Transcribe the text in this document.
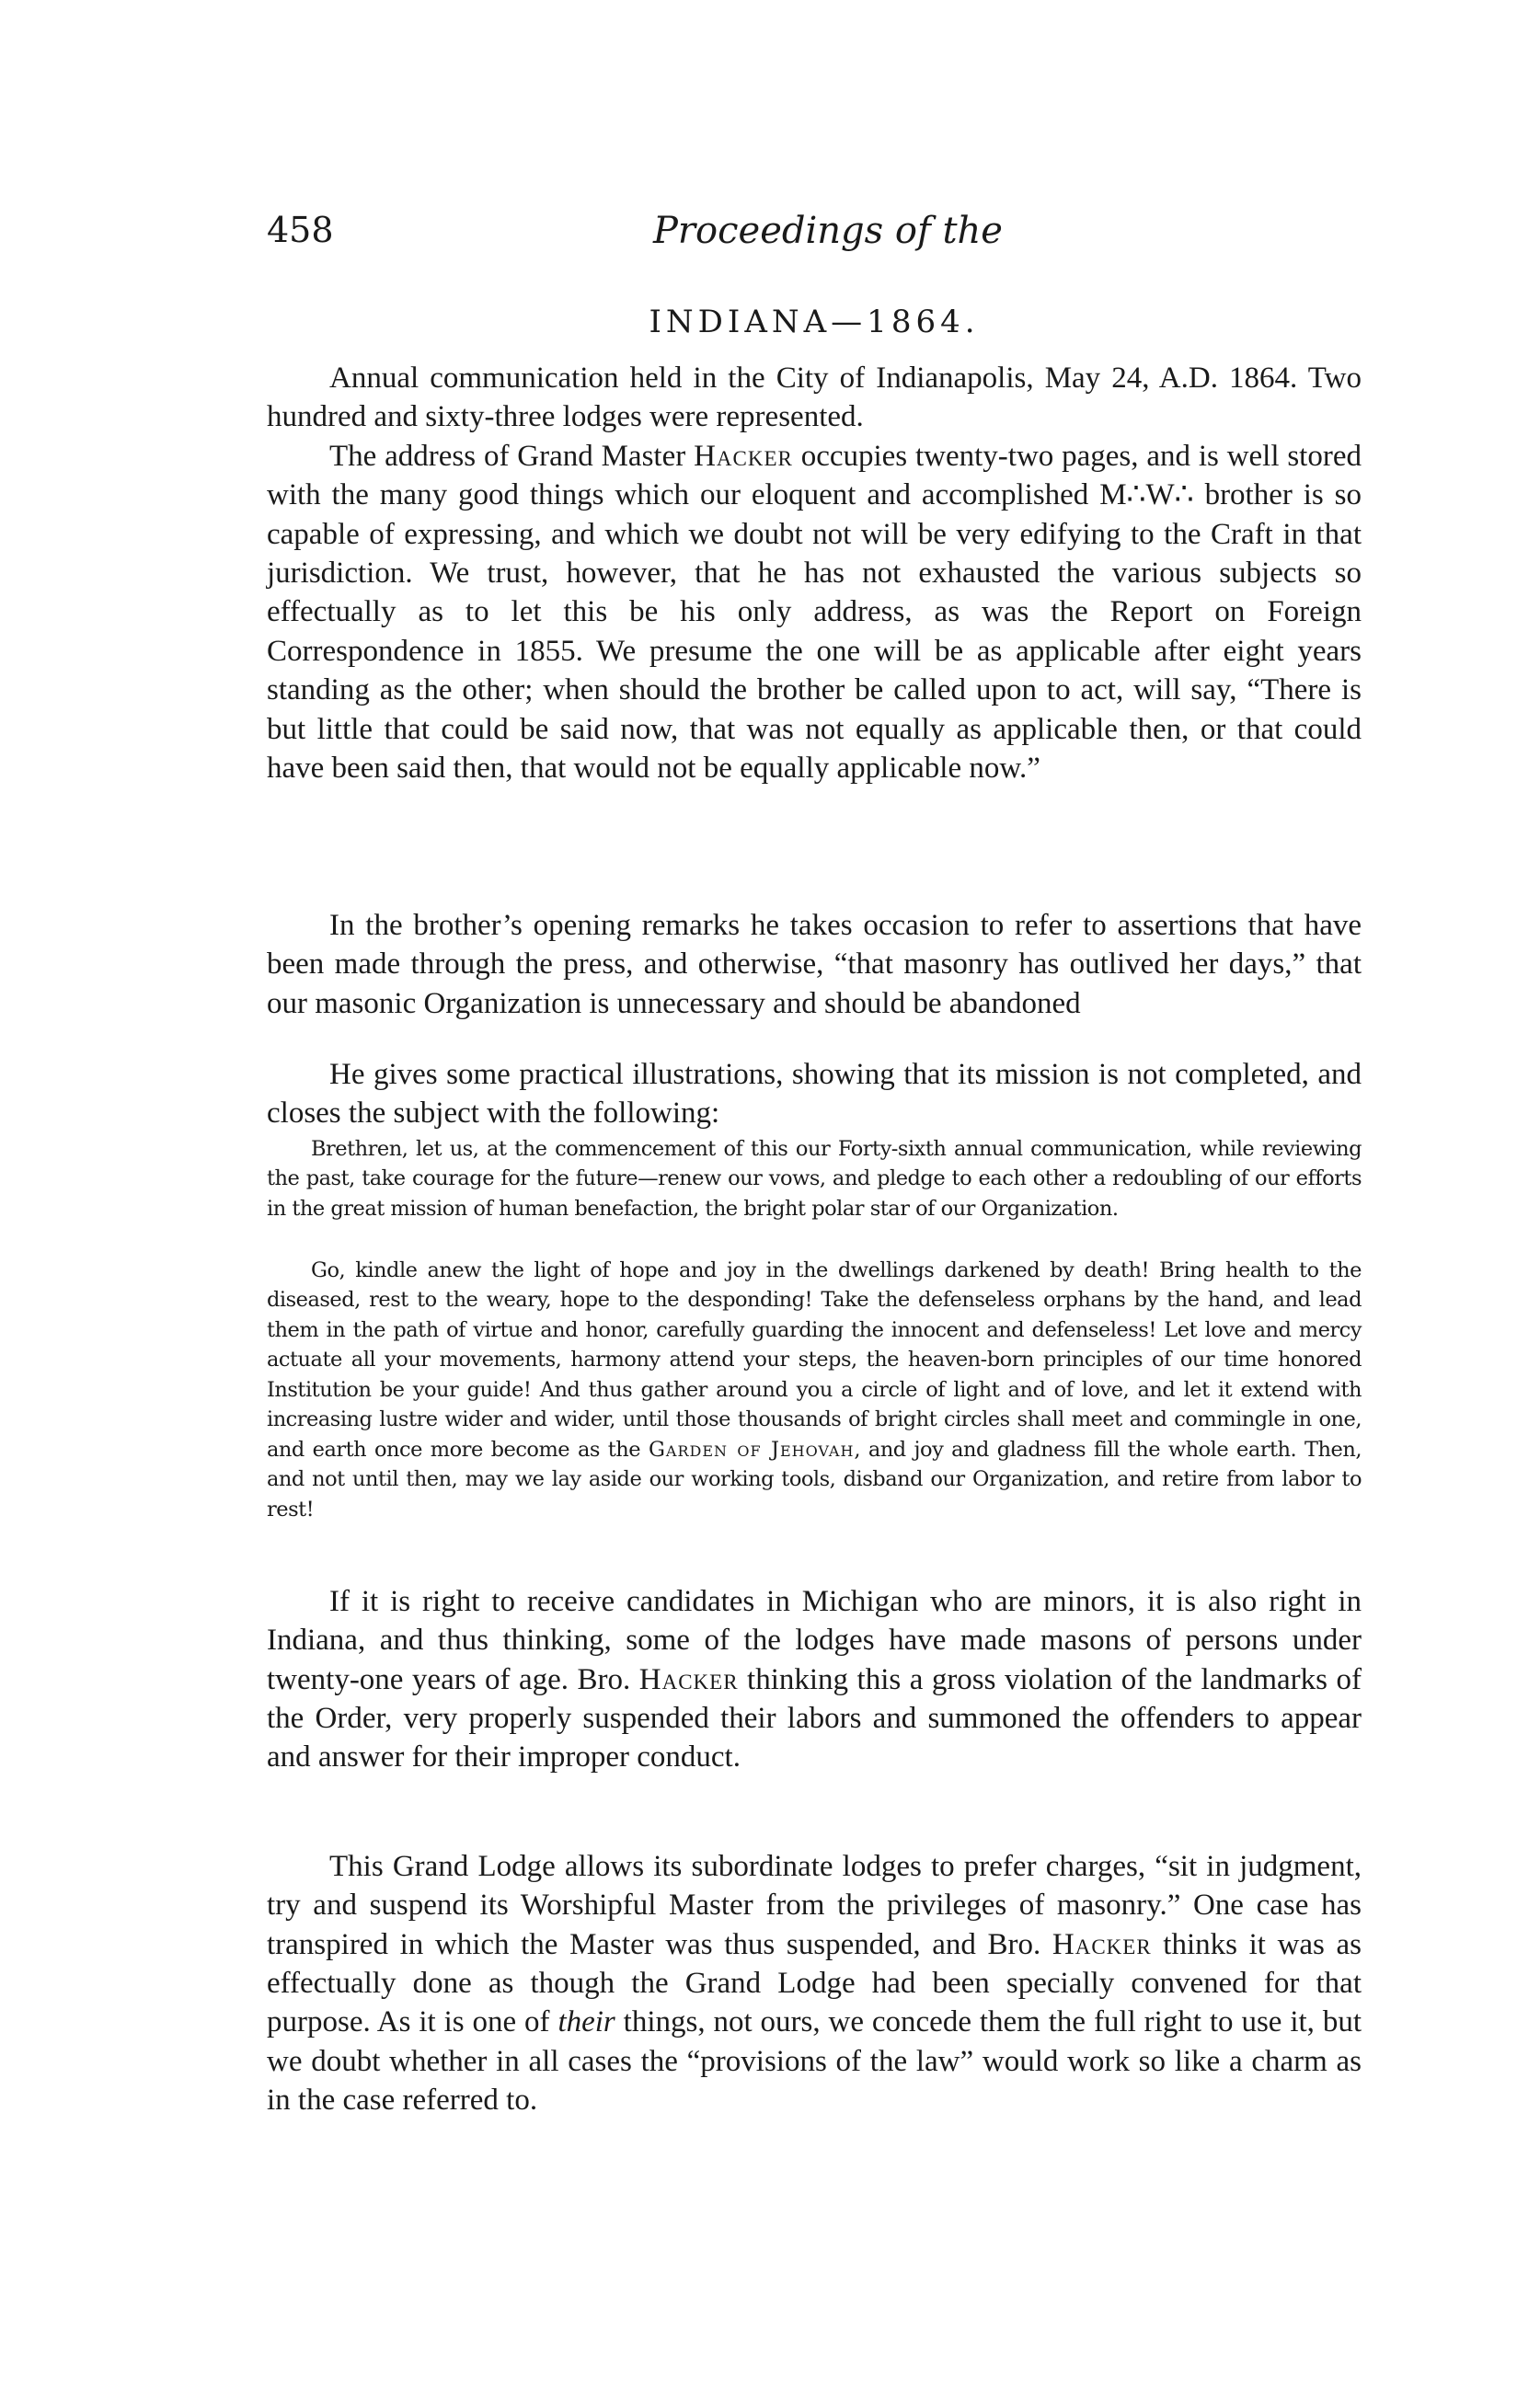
458	Proceedings of the
INDIANA—1864.

Annual communication held in the City of Indianapolis, May 24, A.D. 1864. Two hundred and sixty-three lodges were represented.

The address of Grand Master Hacker occupies twenty-two pages, and is well stored with the many good things which our eloquent and accomplished M∴W∴ brother is so capable of expressing, and which we doubt not will be very edifying to the Craft in that jurisdiction. We trust, however, that he has not exhausted the various subjects so effectually as to let this be his only address, as was the Report on Foreign Correspondence in 1855. We presume the one will be as applicable after eight years standing as the other; when should the brother be called upon to act, will say, “There is but little that could be said now, that was not equally as applicable then, or that could have been said then, that would not be equally applicable now.”

In the brother’s opening remarks he takes occasion to refer to assertions that have been made through the press, and otherwise, “that masonry has outlived her days,” that our masonic Organization is unnecessary and should be abandoned

He gives some practical illustrations, showing that its mission is not completed, and closes the subject with the following:

Brethren, let us, at the commencement of this our Forty-sixth annual communication, while reviewing the past, take courage for the future—renew our vows, and pledge to each other a redoubling of our efforts in the great mission of human benefaction, the bright polar star of our Organization.

Go, kindle anew the light of hope and joy in the dwellings darkened by death! Bring health to the diseased, rest to the weary, hope to the desponding! Take the defenseless orphans by the hand, and lead them in the path of virtue and honor, carefully guarding the innocent and defenseless! Let love and mercy actuate all your movements, harmony attend your steps, the heaven-born principles of our time honored Institution be your guide! And thus gather around you a circle of light and of love, and let it extend with increasing lustre wider and wider, until those thousands of bright circles shall meet and commingle in one, and earth once more become as the Garden of Jehovah, and joy and gladness fill the whole earth. Then, and not until then, may we lay aside our working tools, disband our Organization, and retire from labor to rest!

If it is right to receive candidates in Michigan who are minors, it is also right in Indiana, and thus thinking, some of the lodges have made masons of persons under twenty-one years of age. Bro. Hacker thinking this a gross violation of the landmarks of the Order, very properly suspended their labors and summoned the offenders to appear and answer for their improper conduct.

This Grand Lodge allows its subordinate lodges to prefer charges, “sit in judgment, try and suspend its Worshipful Master from the privileges of masonry.” One case has transpired in which the Master was thus suspended, and Bro. Hacker thinks it was as effectually done as though the Grand Lodge had been specially convened for that purpose. As it is one of their things, not ours, we concede them the full right to use it, but we doubt whether in all cases the “provisions of the law” would work so like a charm as in the case referred to.
